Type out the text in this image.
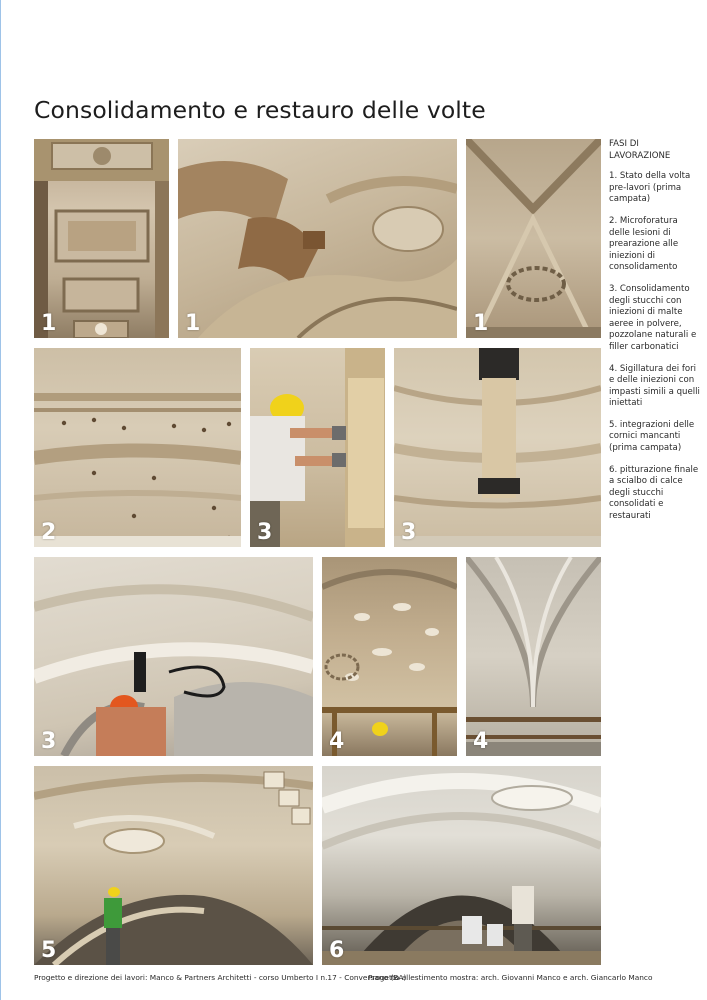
Consolidamento e restauro delle volte
1	1	1
2	3	3
3	4	4
5	6
FASI DI LAVORAZIONE
1. Stato della volta pre-lavori (prima campata)
2. Microforatura delle lesioni di prearazione alle iniezioni di consolidamento
3. Consolidamento degli stucchi con iniezioni di malte aeree in polvere, pozzolane naturali e filler carbonatici
4. Sigillatura dei fori e delle iniezioni con impasti simili a quelli iniettati
5. integrazioni delle cornici mancanti (prima campata)
6. pitturazione finale a scialbo di calce degli stucchi consolidati e restaurati
Progetto e direzione dei lavori: Manco & Partners Architetti - corso Umberto I n.17 - Conversano (BA)
Progetto allestimento mostra: arch. Giovanni Manco e arch. Giancarlo Manco
